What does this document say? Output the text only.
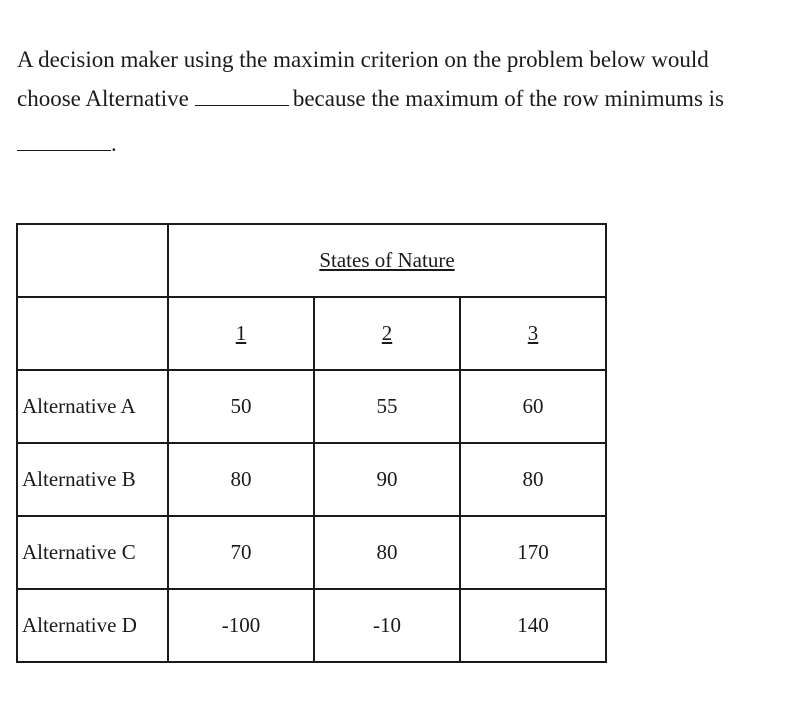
A decision maker using the maximin criterion on the problem below would choose Alternative	because the maximum of the row minimums is
.
	States of Nature		
	1	2	3
Alternative A	50	55	60
Alternative B	80	90	80
Alternative C	70	80	170
Alternative D	-100	-10	140
